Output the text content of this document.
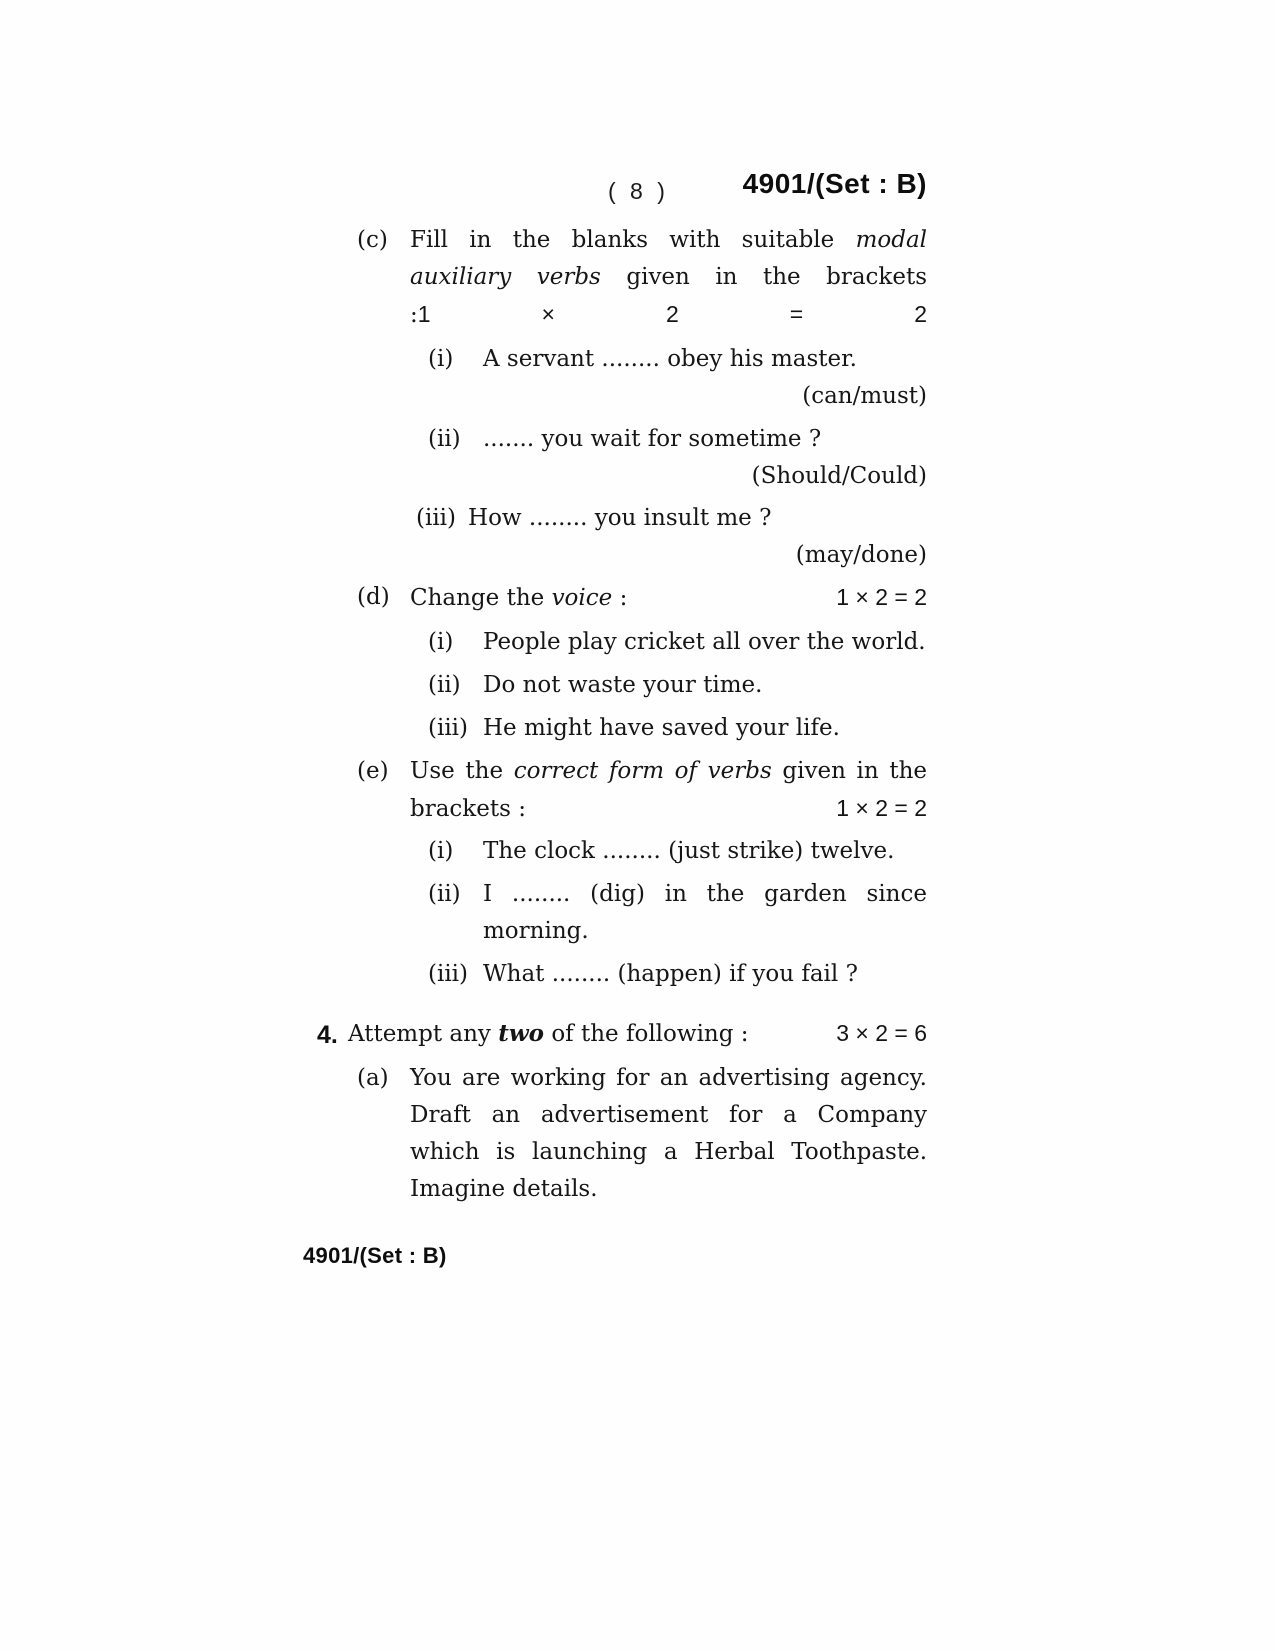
( 8 )	4901/(Set : B)
(c) Fill in the blanks with suitable modal
auxiliary verbs given in the brackets :1 × 2 = 2
(i)	A servant ........ obey his master.
(can/must)
(ii) ....... you wait for sometime ?
(Should/Could)
(iii) How ........ you insult me ?
(may/done)
(d) Change the voice :	1 × 2 = 2
(i)	People play cricket all over the world.
(ii) Do not waste your time.
(iii) He might have saved your life.
(e) Use the correct form of verbs given in the
brackets :	1 × 2 = 2
(i)	The clock ........ (just strike) twelve.
(ii) I ........ (dig) in the garden since
morning.
(iii) What ........ (happen) if you fail ?
4. Attempt any two of the following :	3 × 2 = 6
(a) You are working for an advertising agency.
Draft an advertisement for a Company
which is launching a Herbal Toothpaste.
Imagine details.
4901/(Set : B)
